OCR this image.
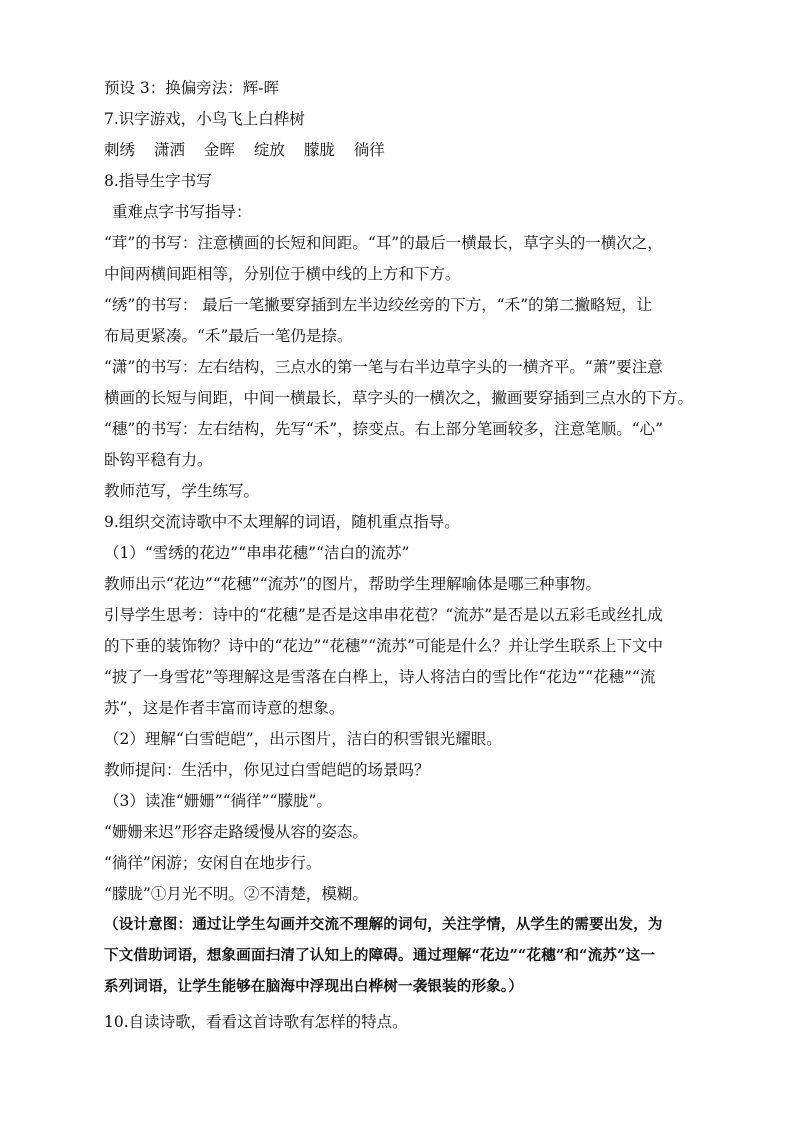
预设 3：换偏旁法：辉-晖
7.识字游戏，小鸟飞上白桦树
刺绣 潇洒 金晖 绽放 朦胧 徜徉
8.指导生字书写
重难点字书写指导：
“茸”的书写：注意横画的长短和间距。“耳”的最后一横最长，草字头的一横次之，
中间两横间距相等，分别位于横中线的上方和下方。
“绣”的书写： 最后一笔撇要穿插到左半边绞丝旁的下方，“禾”的第二撇略短，让
布局更紧凑。“禾”最后一笔仍是捺。
“潇”的书写：左右结构，三点水的第一笔与右半边草字头的一横齐平。“萧”要注意
横画的长短与间距，中间一横最长，草字头的一横次之，撇画要穿插到三点水的下方。
“穗”的书写：左右结构，先写“禾”，捺变点。右上部分笔画较多，注意笔顺。“心”
卧钩平稳有力。
教师范写，学生练写。
9.组织交流诗歌中不太理解的词语，随机重点指导。
（1）“雪绣的花边”“串串花穗”“洁白的流苏”
教师出示“花边”“花穗”“流苏”的图片，帮助学生理解喻体是哪三种事物。
引导学生思考：诗中的“花穗”是否是这串串花苞？“流苏”是否是以五彩毛或丝扎成
的下垂的装饰物？诗中的“花边”“花穗”“流苏”可能是什么？并让学生联系上下文中
“披了一身雪花”等理解这是雪落在白桦上，诗人将洁白的雪比作“花边”“花穗”“流
苏”，这是作者丰富而诗意的想象。
（2）理解“白雪皑皑”，出示图片，洁白的积雪银光耀眼。
教师提问：生活中，你见过白雪皑皑的场景吗？
（3）读准“姗姗”“徜徉”“朦胧”。
“姗姗来迟”形容走路缓慢从容的姿态。
“徜徉”闲游；安闲自在地步行。
“朦胧”①月光不明。②不清楚，模糊。
（设计意图：通过让学生勾画并交流不理解的词句，关注学情，从学生的需要出发，为
下文借助词语，想象画面扫清了认知上的障碍。通过理解“花边”“花穗”和“流苏”这一
系列词语，让学生能够在脑海中浮现出白桦树一袭银装的形象。）
10.自读诗歌，看看这首诗歌有怎样的特点。
